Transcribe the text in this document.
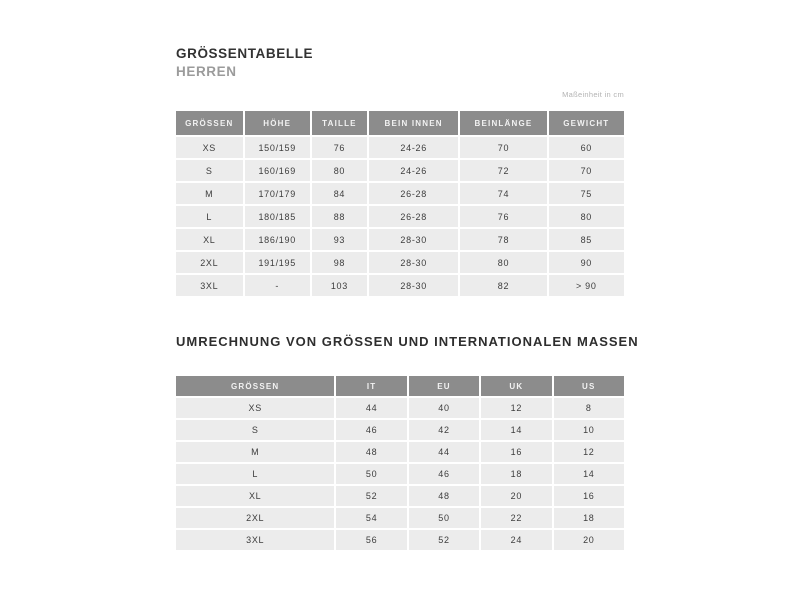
GRÖSSENTABELLE
HERREN
Maßeinheit in cm
GRÖSSEN	HÖHE	TAILLE	BEIN INNEN	BEINLÄNGE	GEWICHT
XS	150/159	76	24-26	70	60
S	160/169	80	24-26	72	70
M	170/179	84	26-28	74	75
L	180/185	88	26-28	76	80
XL	186/190	93	28-30	78	85
2XL	191/195	98	28-30	80	90
3XL	-	103	28-30	82	> 90
UMRECHNUNG VON GRÖSSEN UND INTERNATIONALEN MASSEN
GRÖSSEN	IT	EU	UK	US
XS	44	40	12	8
S	46	42	14	10
M	48	44	16	12
L	50	46	18	14
XL	52	48	20	16
2XL	54	50	22	18
3XL	56	52	24	20
